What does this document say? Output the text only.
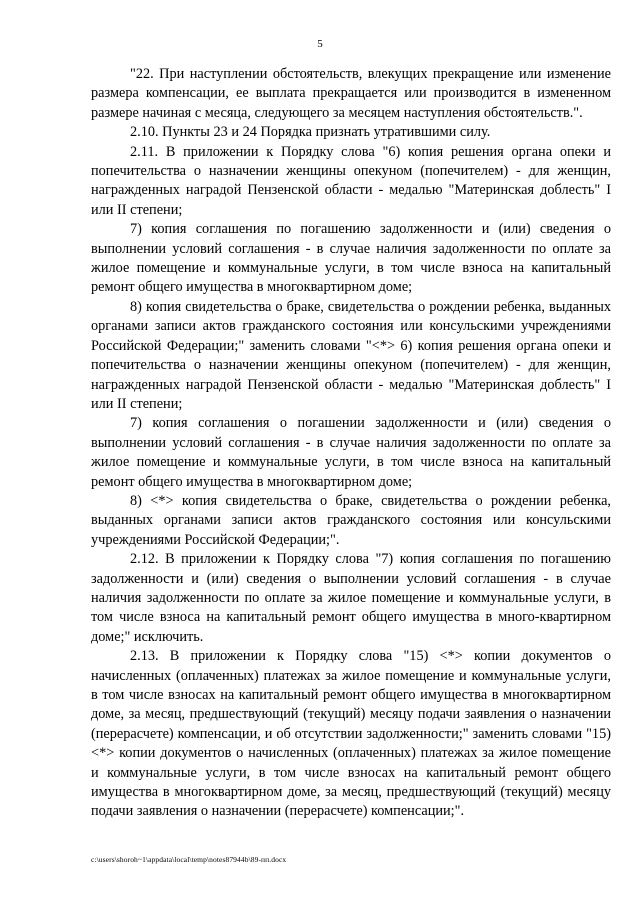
5

"22. При наступлении обстоятельств, влекущих прекращение или изменение размера компенсации, ее выплата прекращается или производится в измененном размере начиная с месяца, следующего за месяцем наступления обстоятельств.".

2.10. Пункты 23 и 24 Порядка признать утратившими силу.

2.11. В приложении к Порядку слова "6) копия решения органа опеки и попечительства о назначении женщины опекуном (попечителем) - для женщин, награжденных наградой Пензенской области - медалью "Материнская доблесть" I или II степени;

7) копия соглашения по погашению задолженности и (или) сведения о выполнении условий соглашения - в случае наличия задолженности по оплате за жилое помещение и коммунальные услуги, в том числе взноса на капитальный ремонт общего имущества в многоквартирном доме;

8) копия свидетельства о браке, свидетельства о рождении ребенка, выданных органами записи актов гражданского состояния или консульскими учреждениями Российской Федерации;" заменить словами "<*> 6) копия решения органа опеки и попечительства о назначении женщины опекуном (попечителем) - для женщин, награжденных наградой Пензенской области - медалью "Материнская доблесть" I или II степени;

7) копия соглашения о погашении задолженности и (или) сведения о выполнении условий соглашения - в случае наличия задолженности по оплате за жилое помещение и коммунальные услуги, в том числе взноса на капитальный ремонт общего имущества в многоквартирном доме;

8) <*> копия свидетельства о браке, свидетельства о рождении ребенка, выданных органами записи актов гражданского состояния или консульскими учреждениями Российской Федерации;".

2.12. В приложении к Порядку слова "7) копия соглашения по погашению задолженности и (или) сведения о выполнении условий соглашения - в случае наличия задолженности по оплате за жилое помещение и коммунальные услуги, в том числе взноса на капитальный ремонт общего имущества в много-квартирном доме;" исключить.

2.13. В приложении к Порядку слова "15) <*> копии документов о начисленных (оплаченных) платежах за жилое помещение и коммунальные услуги, в том числе взносах на капитальный ремонт общего имущества в многоквартирном доме, за месяц, предшествующий (текущий) месяцу подачи заявления о назначении (перерасчете) компенсации, и об отсутствии задолженности;" заменить словами "15) <*> копии документов о начисленных (оплаченных) платежах за жилое помещение и коммунальные услуги, в том числе взносах на капитальный ремонт общего имущества в многоквартирном доме, за месяц, предшествующий (текущий) месяцу подачи заявления о назначении (перерасчете) компенсации;".

c:\users\shoroh~1\appdata\local\temp\notes87944b\89-пп.docx
